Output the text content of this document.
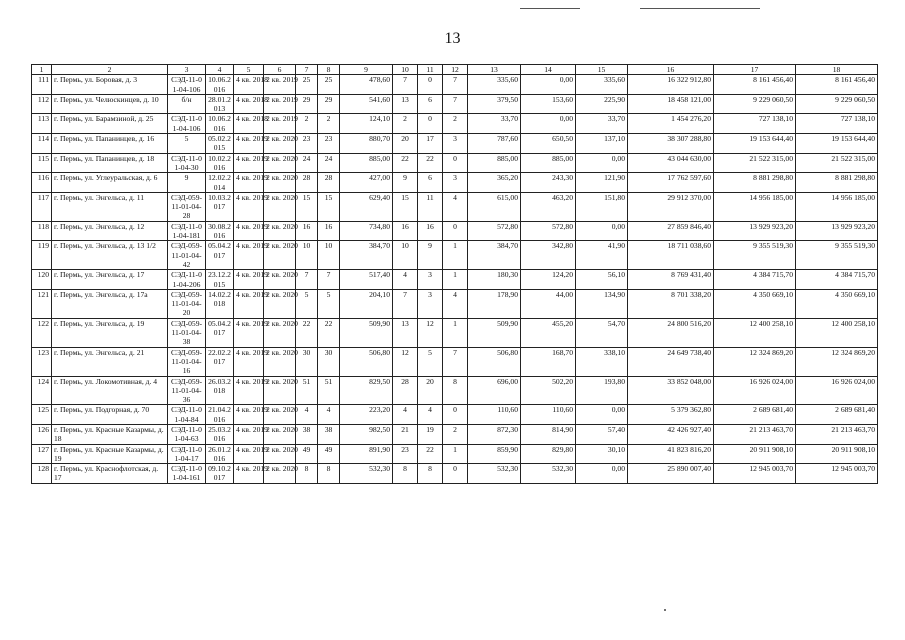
13
1	2	3	4	5	6	7	8	9	10	11	12	13	14	15	16	17	18
111	г. Пермь, ул. Боровая, д. 3	СЭД-11-01-04-106	10.06.2016	4 кв. 2018	2 кв. 2019	25	25	478,60	7	0	7	335,60	0,00	335,60	16 322 912,80	8 161 456,40	8 161 456,40
112	г. Пермь, ул. Челюскинцев, д. 10	б/н	28.01.2013	4 кв. 2018	2 кв. 2019	29	29	541,60	13	6	7	379,50	153,60	225,90	18 458 121,00	9 229 060,50	9 229 060,50
113	г. Пермь, ул. Барамзиной, д. 25	СЭД-11-01-04-106	10.06.2016	4 кв. 2018	2 кв. 2019	2	2	124,10	2	0	2	33,70	0,00	33,70	1 454 276,20	727 138,10	727 138,10
114	г. Пермь, ул. Папанинцев, д. 16	5	05.02.2015	4 кв. 2019	2 кв. 2020	23	23	880,70	20	17	3	787,60	650,50	137,10	38 307 288,80	19 153 644,40	19 153 644,40
115	г. Пермь, ул. Папанинцев, д. 18	СЭД-11-01-04-30	10.02.2016	4 кв. 2019	2 кв. 2020	24	24	885,00	22	22	0	885,00	885,00	0,00	43 044 630,00	21 522 315,00	21 522 315,00
116	г. Пермь, ул. Углеуральская, д. 6	9	12.02.2014	4 кв. 2019	2 кв. 2020	28	28	427,00	9	6	3	365,20	243,30	121,90	17 762 597,60	8 881 298,80	8 881 298,80
117	г. Пермь, ул. Энгельса, д. 11	СЭД-059-11-01-04-28	10.03.2017	4 кв. 2019	2 кв. 2020	15	15	629,40	15	11	4	615,00	463,20	151,80	29 912 370,00	14 956 185,00	14 956 185,00
118	г. Пермь, ул. Энгельса, д. 12	СЭД-11-01-04-181	30.08.2016	4 кв. 2019	2 кв. 2020	16	16	734,80	16	16	0	572,80	572,80	0,00	27 859 846,40	13 929 923,20	13 929 923,20
119	г. Пермь, ул. Энгельса, д. 13 1/2	СЭД-059-11-01-04-42	05.04.2017	4 кв. 2019	2 кв. 2020	10	10	384,70	10	9	1	384,70	342,80	41,90	18 711 038,60	9 355 519,30	9 355 519,30
120	г. Пермь, ул. Энгельса, д. 17	СЭД-11-01-04-206	23.12.2015	4 кв. 2019	2 кв. 2020	7	7	517,40	4	3	1	180,30	124,20	56,10	8 769 431,40	4 384 715,70	4 384 715,70
121	г. Пермь, ул. Энгельса, д. 17а	СЭД-059-11-01-04-20	14.02.2018	4 кв. 2019	2 кв. 2020	5	5	204,10	7	3	4	178,90	44,00	134,90	8 701 338,20	4 350 669,10	4 350 669,10
122	г. Пермь, ул. Энгельса, д. 19	СЭД-059-11-01-04-38	05.04.2017	4 кв. 2019	2 кв. 2020	22	22	509,90	13	12	1	509,90	455,20	54,70	24 800 516,20	12 400 258,10	12 400 258,10
123	г. Пермь, ул. Энгельса, д. 21	СЭД-059-11-01-04-16	22.02.2017	4 кв. 2019	2 кв. 2020	30	30	506,80	12	5	7	506,80	168,70	338,10	24 649 738,40	12 324 869,20	12 324 869,20
124	г. Пермь, ул. Локомотивная, д. 4	СЭД-059-11-01-04-36	26.03.2018	4 кв. 2019	2 кв. 2020	51	51	829,50	28	20	8	696,00	502,20	193,80	33 852 048,00	16 926 024,00	16 926 024,00
125	г. Пермь, ул. Подгорная, д. 70	СЭД-11-01-04-84	21.04.2016	4 кв. 2019	2 кв. 2020	4	4	223,20	4	4	0	110,60	110,60	0,00	5 379 362,80	2 689 681,40	2 689 681,40
126	г. Пермь, ул. Красные Казармы, д. 18	СЭД-11-01-04-63	25.03.2016	4 кв. 2019	2 кв. 2020	38	38	982,50	21	19	2	872,30	814,90	57,40	42 426 927,40	21 213 463,70	21 213 463,70
127	г. Пермь, ул. Красные Казармы, д. 19	СЭД-11-01-04-17	26.01.2016	4 кв. 2019	2 кв. 2020	49	49	891,90	23	22	1	859,90	829,80	30,10	41 823 816,20	20 911 908,10	20 911 908,10
128	г. Пермь, ул. Краснофлотская, д. 17	СЭД-11-01-04-161	09.10.2017	4 кв. 2019	2 кв. 2020	8	8	532,30	8	8	0	532,30	532,30	0,00	25 890 007,40	12 945 003,70	12 945 003,70
